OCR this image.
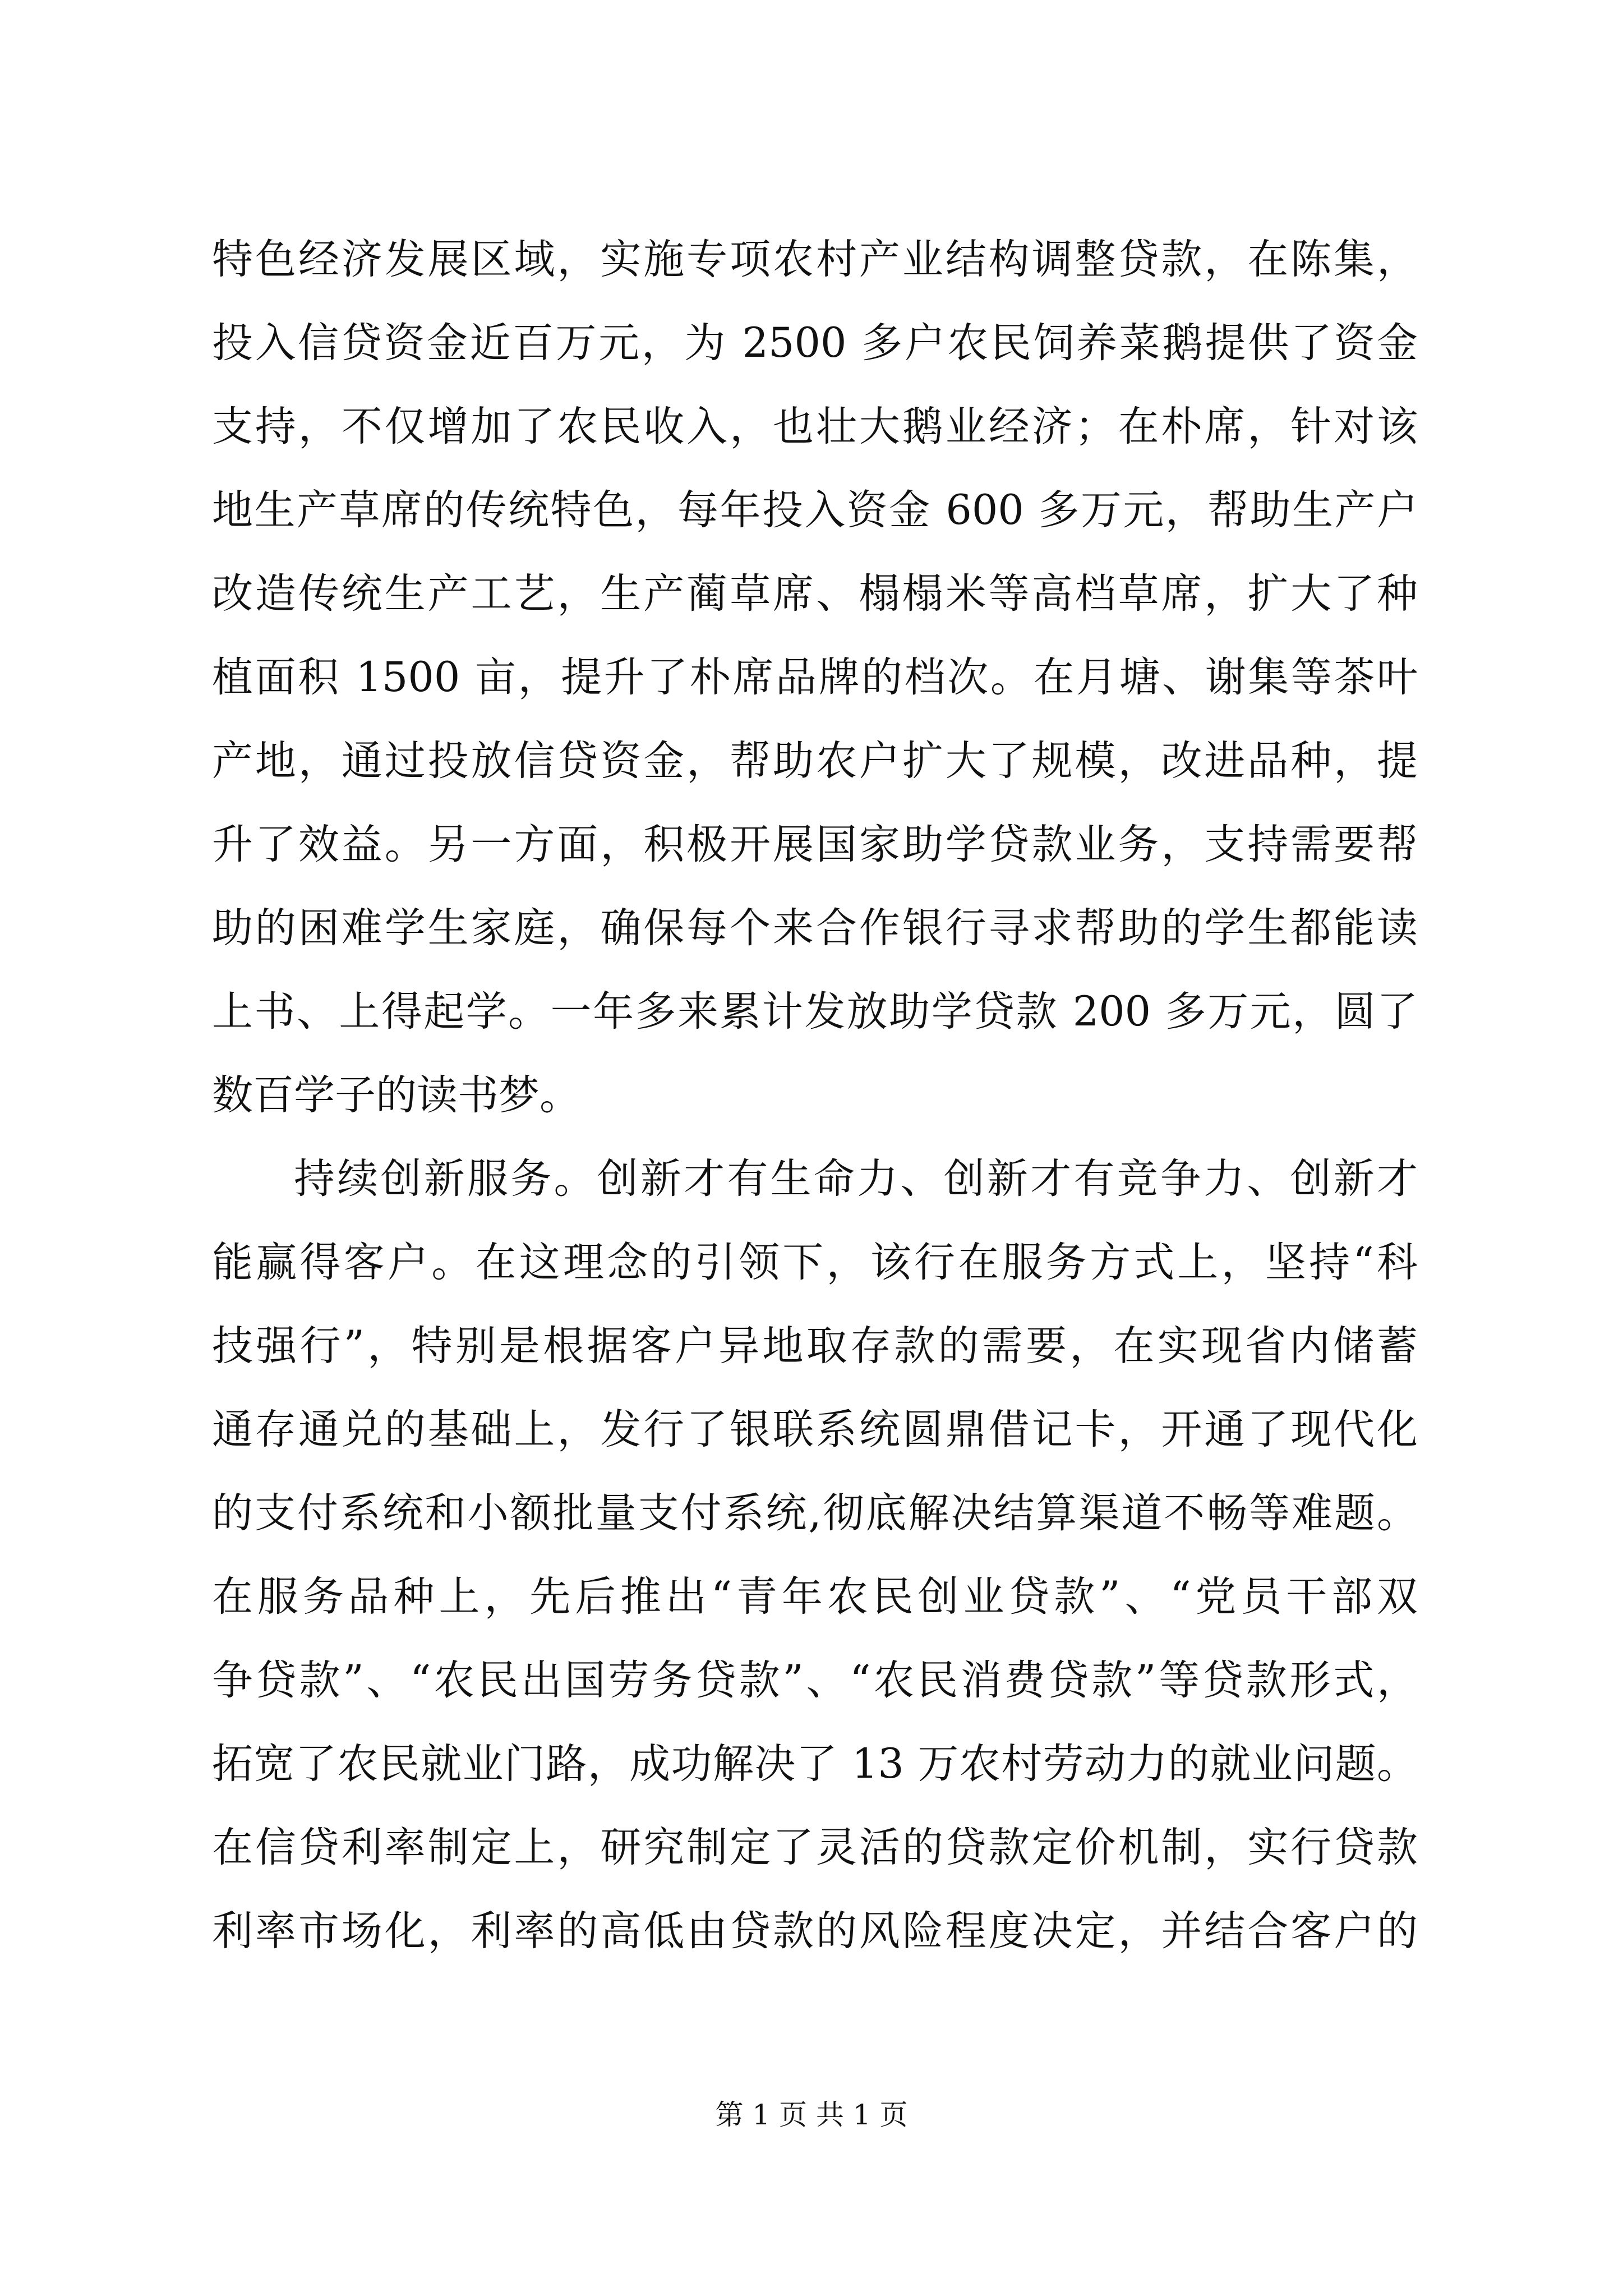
特色经济发展区域，实施专项农村产业结构调整贷款，在陈集，
投入信贷资金近百万元，为 2500 多户农民饲养菜鹅提供了资金
支持，不仅增加了农民收入，也壮大鹅业经济；在朴席，针对该
地生产草席的传统特色，每年投入资金 600 多万元，帮助生产户
改造传统生产工艺，生产蔺草席、榻榻米等高档草席，扩大了种
植面积 1500 亩，提升了朴席品牌的档次。在月塘、谢集等茶叶
产地，通过投放信贷资金，帮助农户扩大了规模，改进品种，提
升了效益。另一方面，积极开展国家助学贷款业务，支持需要帮
助的困难学生家庭，确保每个来合作银行寻求帮助的学生都能读
上书、上得起学。一年多来累计发放助学贷款 200 多万元，圆了
数百学子的读书梦。
持续创新服务。创新才有生命力、创新才有竞争力、创新才
能赢得客户。在这理念的引领下，该行在服务方式上，坚持“科
技强行”，特别是根据客户异地取存款的需要，在实现省内储蓄
通存通兑的基础上，发行了银联系统圆鼎借记卡，开通了现代化
的支付系统和小额批量支付系统,彻底解决结算渠道不畅等难题。
在服务品种上，先后推出“青年农民创业贷款”、“党员干部双
争贷款”、“农民出国劳务贷款”、“农民消费贷款”等贷款形式，
拓宽了农民就业门路，成功解决了 13 万农村劳动力的就业问题。
在信贷利率制定上，研究制定了灵活的贷款定价机制，实行贷款
利率市场化，利率的高低由贷款的风险程度决定，并结合客户的
第 1 页 共 1 页
